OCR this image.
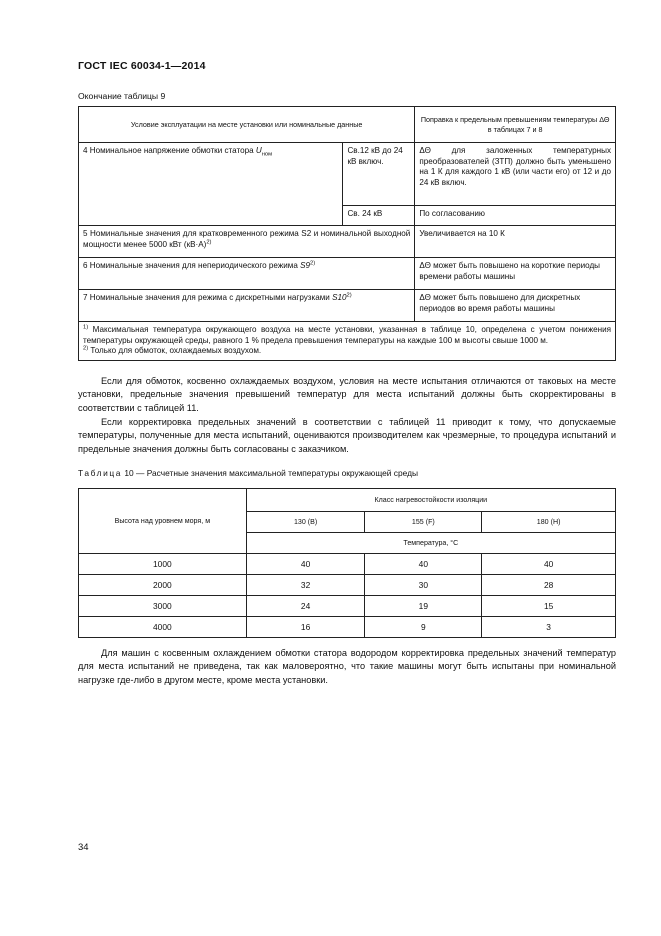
ГОСТ IEC 60034-1—2014
Окончание таблицы 9
Условие эксплуатации на месте установки или номинальные данные		Поправка к предельным превышениям температуры ΔΘ в таблицах 7 и 8
4 Номинальное напряжение обмотки статора $U_{ном}$	Св.12 кВ до 24 кВ включ.	ΔΘ для заложенных температурных преобразователей (ЗТП) должно быть уменьшено на 1 К для каждого 1 кВ (или части его) от 12 и до 24 кВ включ.
	Св. 24 кВ	По согласованию
5 Номинальные значения для кратковременного режима S2 и номинальной выходной мощности менее 5000 кВт $(кВ\cdot А)^{2)}$		Увеличивается на 10 К
6 Номинальные значения для непериодического режима S9$^{2)}$		ΔΘ может быть повышено на короткие периоды времени работы машины
7 Номинальные значения для режима с дискретными нагрузками S10$^{2)}$		ΔΘ может быть повышено для дискретных периодов во время работы машины

$^{1)}$ Максимальная температура окружающего воздуха на месте установки, указанная в таблице 10, определена с учетом понижения температуры окружающей среды, равного 1 % предела превышения температуры на каждые 100 м высоты свыше 1000 м.
$^{2)}$ Только для обмоток, охлаждаемых воздухом.		
Если для обмоток, косвенно охлаждаемых воздухом, условия на месте испытания отличаются от таковых на месте установки, предельные значения превышений температур для места испытаний должны быть скорректированы в соответствии с таблицей 11.
Если корректировка предельных значений в соответствии с таблицей 11 приводит к тому, что допускаемые температуры, полученные для места испытаний, оцениваются производителем как чрезмерные, то процедура испытаний и предельные значения должны быть согласованы с заказчиком.
Таблица 10 — Расчетные значения максимальной температуры окружающей среды
Высота над уровнем моря, м	Класс нагревостойкости изоляции		
	130 (B)	155 (F)	180 (H)
	Температура, °C		
1000	40	40	40
2000	32	30	28
3000	24	19	15
4000	16	9	3
Для машин с косвенным охлаждением обмотки статора водородом корректировка предельных значений температур для места испытаний не приведена, так как маловероятно, что такие машины могут быть испытаны при номинальной нагрузке где-либо в другом месте, кроме места установки.
34
